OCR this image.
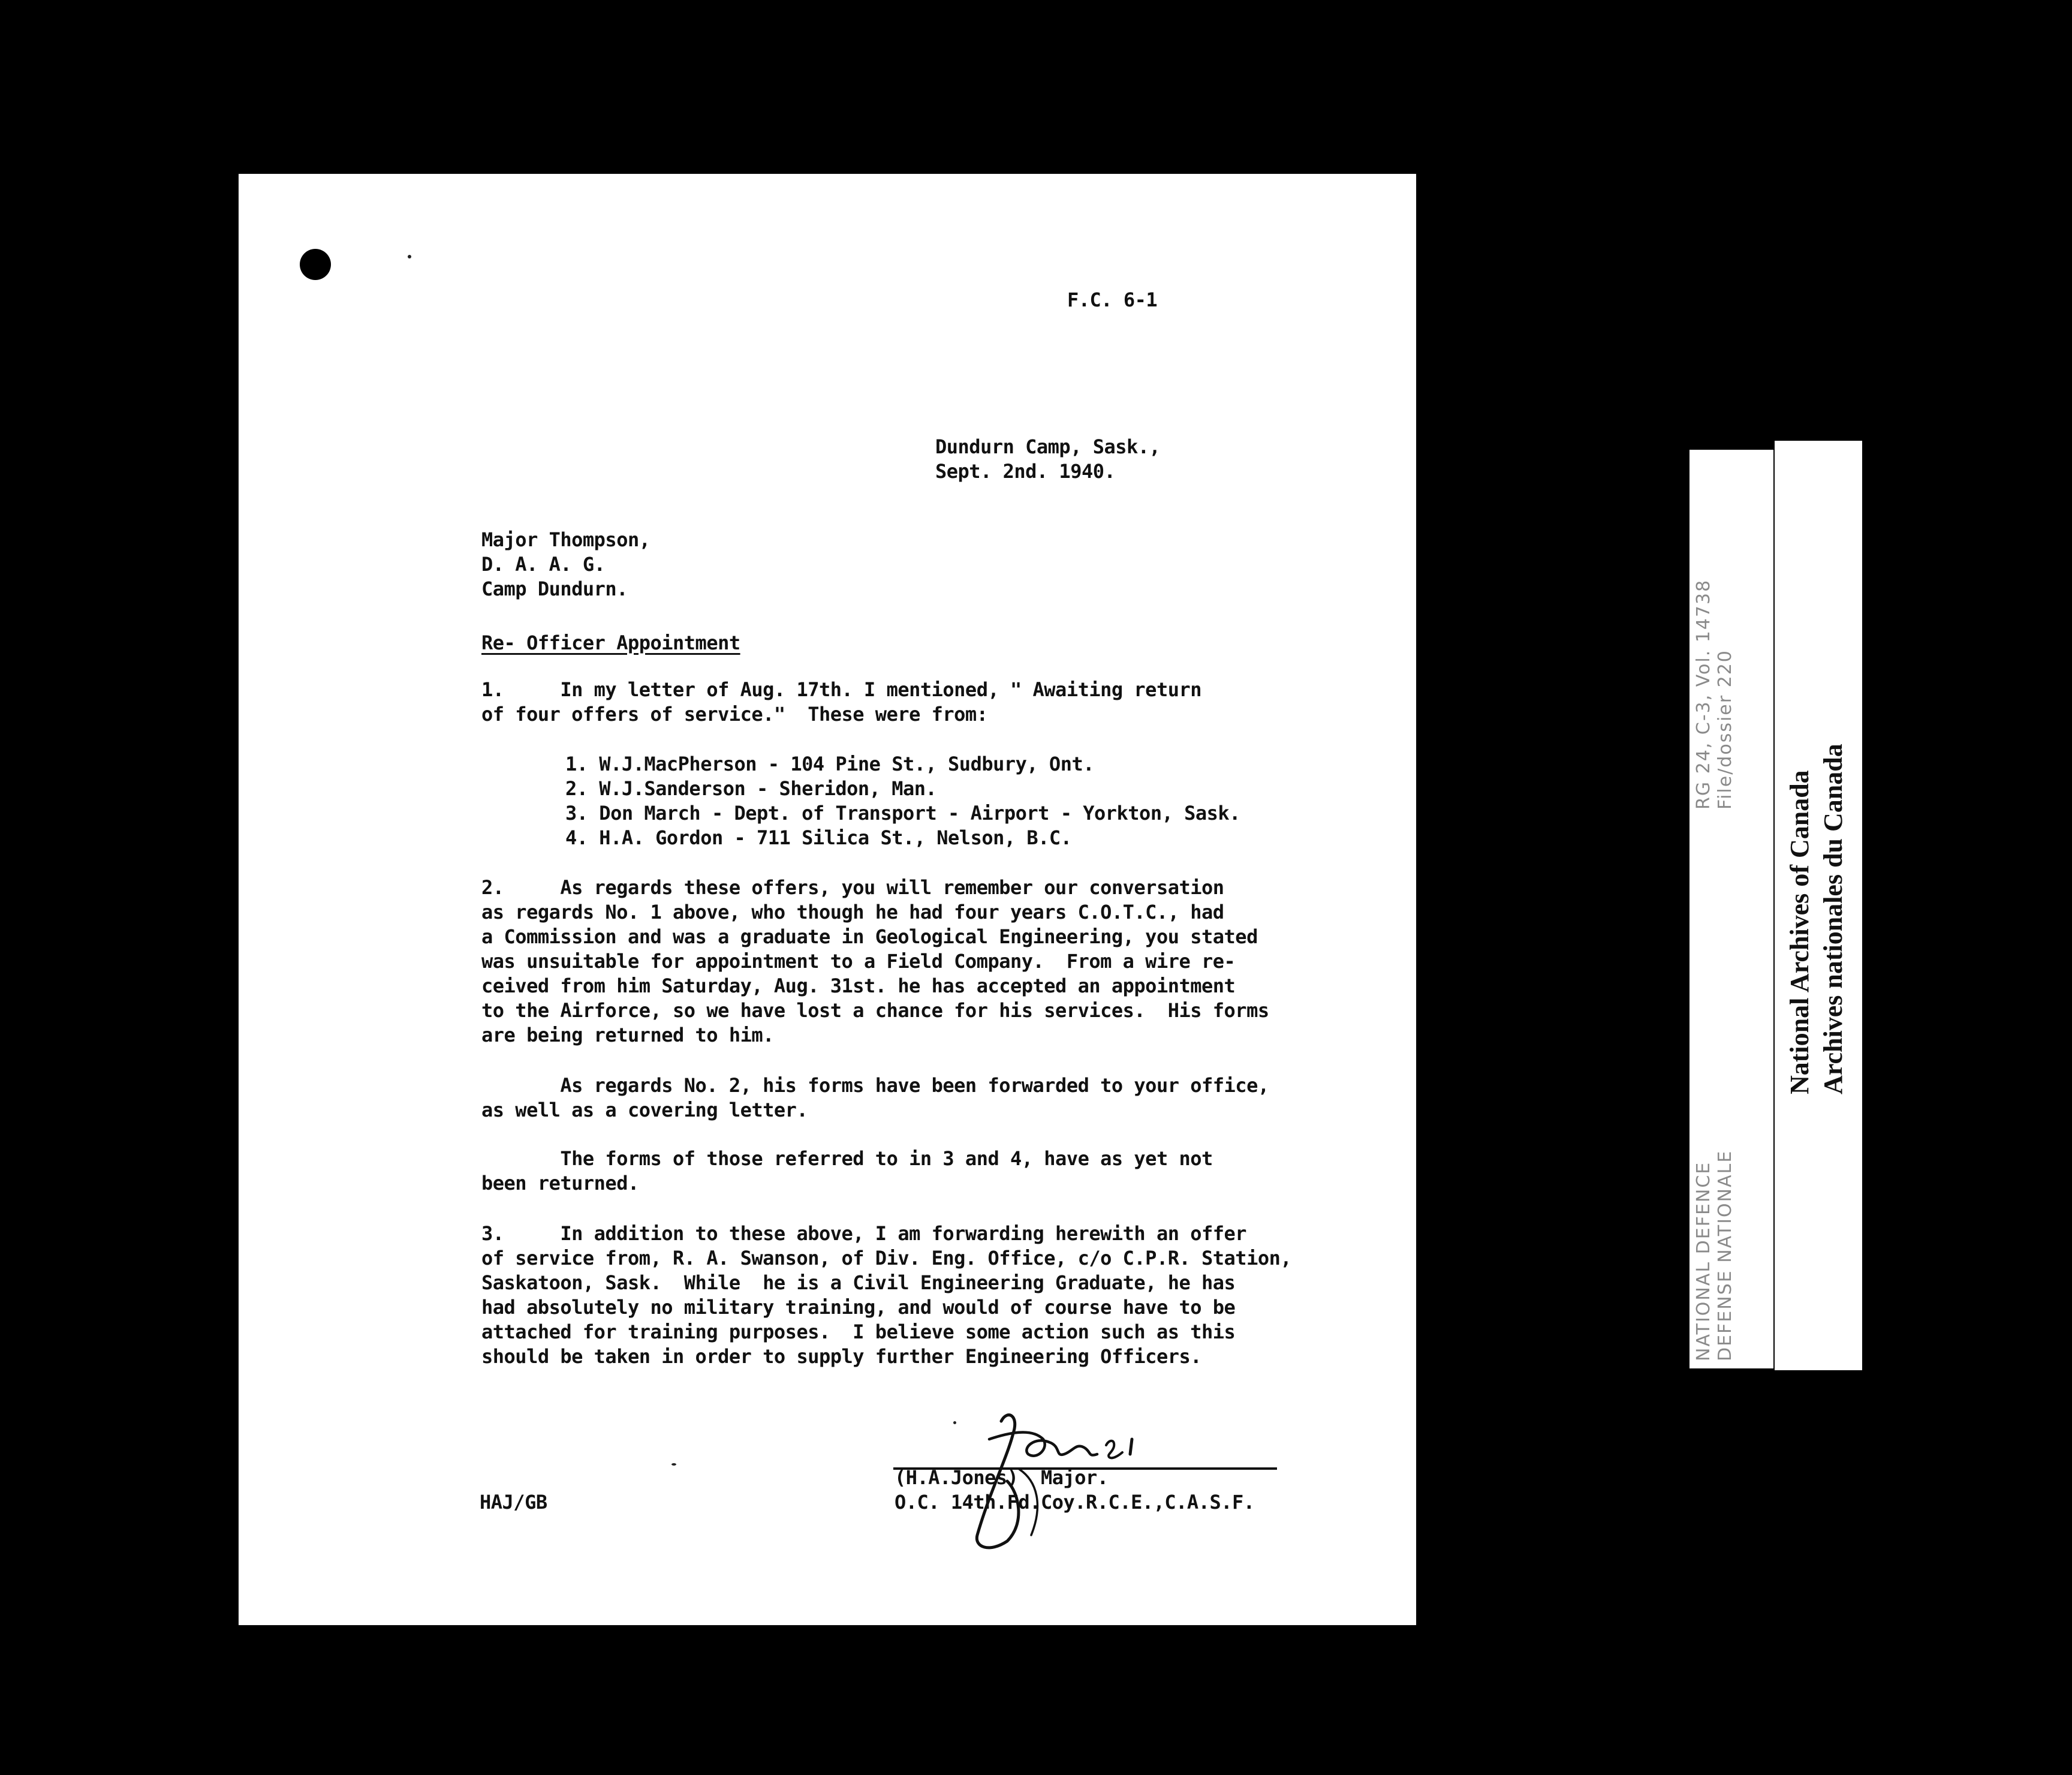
F.C. 6-1
Dundurn Camp, Sask.,
Sept. 2nd. 1940.
Major Thompson,
D. A. A. G.
Camp Dundurn.
Re- Officer Appointment
1.     In my letter of Aug. 17th. I mentioned, " Awaiting return
of four offers of service."  These were from:
1. W.J.MacPherson - 104 Pine St., Sudbury, Ont.
2. W.J.Sanderson - Sheridon, Man.
3. Don March - Dept. of Transport - Airport - Yorkton, Sask.
4. H.A. Gordon - 711 Silica St., Nelson, B.C.
2.     As regards these offers, you will remember our conversation
as regards No. 1 above, who though he had four years C.O.T.C., had
a Commission and was a graduate in Geological Engineering, you stated
was unsuitable for appointment to a Field Company.  From a wire re-
ceived from him Saturday, Aug. 31st. he has accepted an appointment
to the Airforce, so we have lost a chance for his services.  His forms
are being returned to him.
As regards No. 2, his forms have been forwarded to your office,
as well as a covering letter.
The forms of those referred to in 3 and 4, have as yet not
been returned.
3.     In addition to these above, I am forwarding herewith an offer
of service from, R. A. Swanson, of Div. Eng. Office, c/o C.P.R. Station,
Saskatoon, Sask.  While  he is a Civil Engineering Graduate, he has
had absolutely no military training, and would of course have to be
attached for training purposes.  I believe some action such as this
should be taken in order to supply further Engineering Officers.
(H.A.Jones)  Major.
O.C. 14th.Fd.Coy.R.C.E.,C.A.S.F.
HAJ/GB
NATIONAL DEFENCE
DEFENSE NATIONALE
RG 24, C-3, Vol. 14738
File/dossier 220
National Archives of Canada Archives nationales du Canada
